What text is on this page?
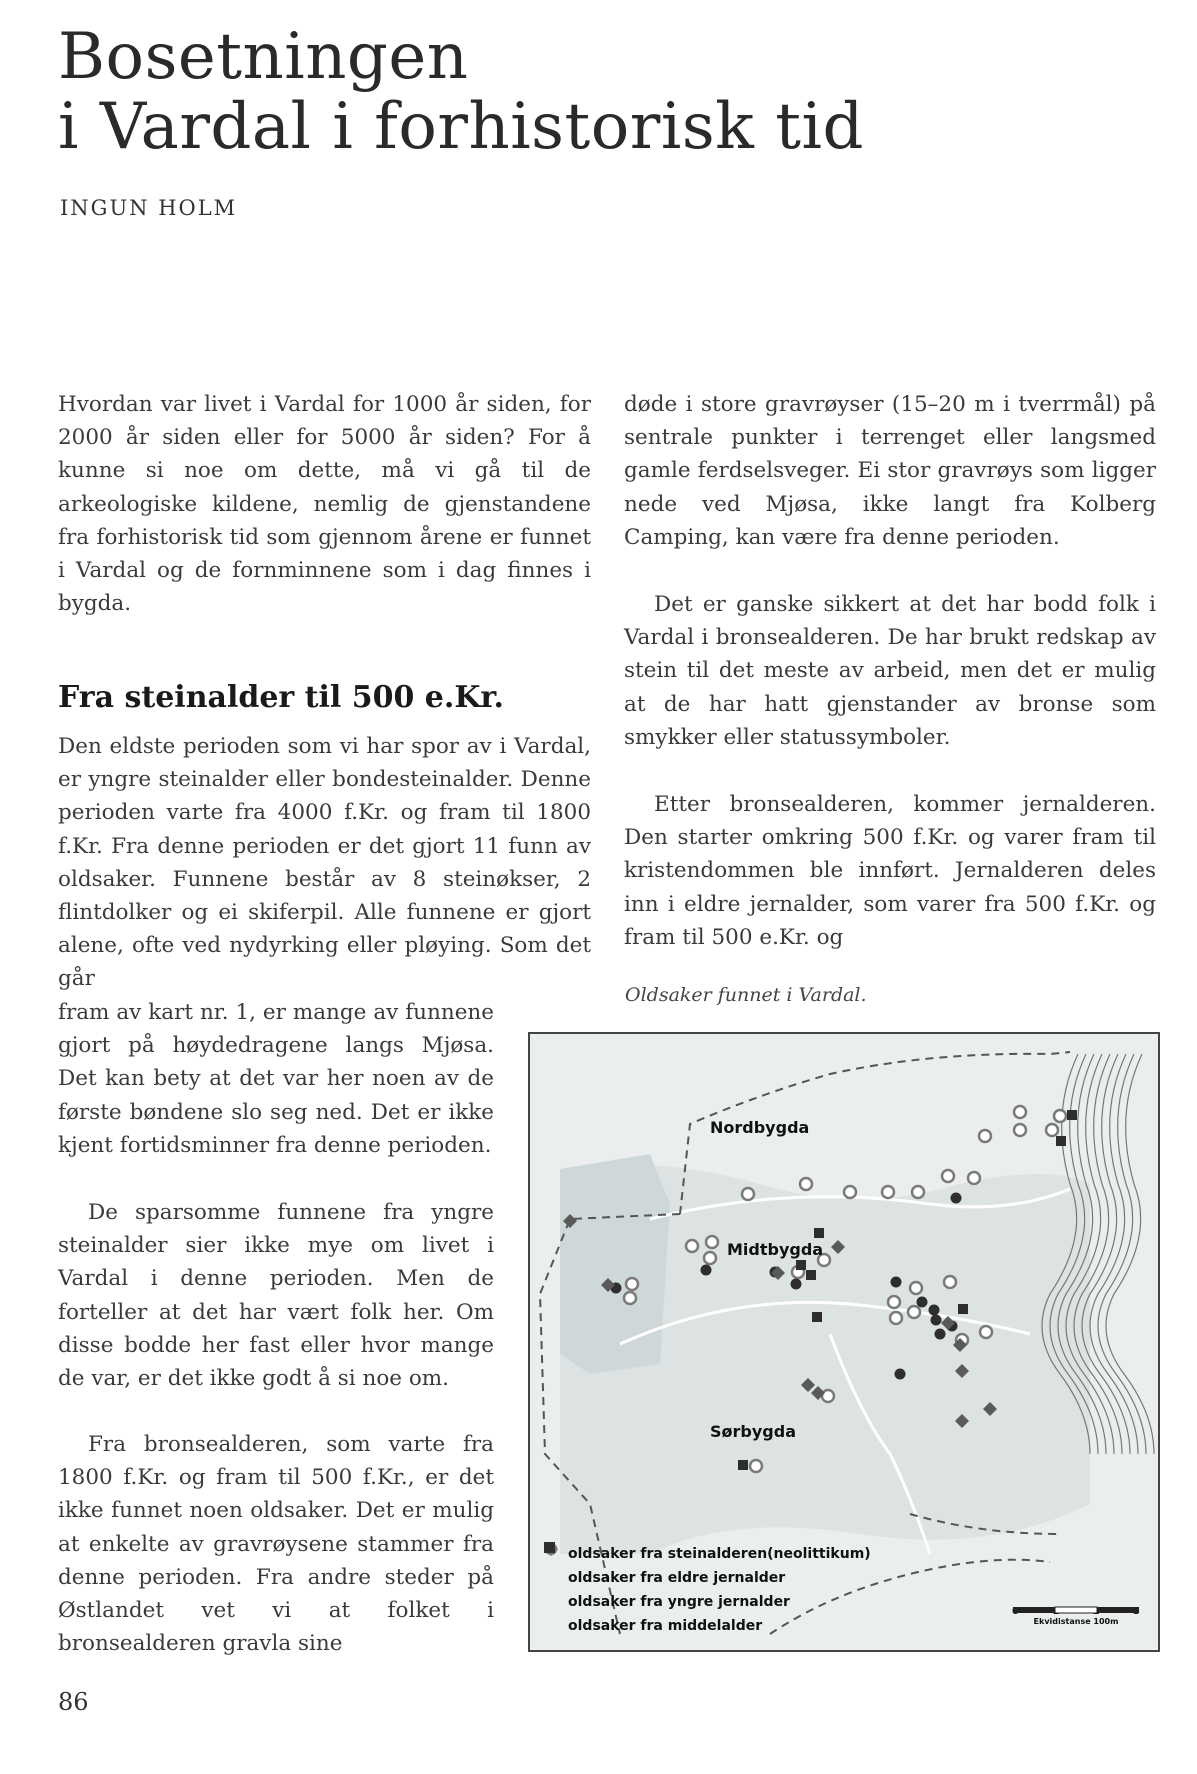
Bosetningen
i Vardal i forhistorisk tid
INGUN HOLM

Hvordan var livet i Vardal for 1000 år siden, for 2000 år siden eller for 5000 år siden? For å kunne si noe om dette, må vi gå til de arkeologiske kildene, nemlig de gjenstandene fra forhistorisk tid som gjennom årene er funnet i Vardal og de fornminnene som i dag finnes i bygda.

Fra steinalder til 500 e.Kr.

Den eldste perioden som vi har spor av i Vardal, er yngre steinalder eller bondesteinalder. Denne perioden varte fra 4000 f.Kr. og fram til 1800 f.Kr. Fra denne perioden er det gjort 11 funn av oldsaker. Funnene består av 8 steinøkser, 2 flintdolker og ei skiferpil. Alle funnene er gjort alene, ofte ved nydyrking eller pløying. Som det går

fram av kart nr. 1, er mange av funnene gjort på høydedragene langs Mjøsa. Det kan bety at det var her noen av de første bøndene slo seg ned. Det er ikke kjent fortidsminner fra denne perioden.

De sparsomme funnene fra yngre steinalder sier ikke mye om livet i Vardal i denne perioden. Men de forteller at det har vært folk her. Om disse bodde her fast eller hvor mange de var, er det ikke godt å si noe om.

Fra bronsealderen, som varte fra 1800 f.Kr. og fram til 500 f.Kr., er det ikke funnet noen oldsaker. Det er mulig at enkelte av gravrøysene stammer fra denne perioden. Fra andre steder på Østlandet vet vi at folket i bronsealderen gravla sine

døde i store gravrøyser (15–20 m i tverrmål) på sentrale punkter i terrenget eller langsmed gamle ferdselsveger. Ei stor gravrøys som ligger nede ved Mjøsa, ikke langt fra Kolberg Camping, kan være fra denne perioden.

Det er ganske sikkert at det har bodd folk i Vardal i bronsealderen. De har brukt redskap av stein til det meste av arbeid, men det er mulig at de har hatt gjenstander av bronse som smykker eller statussymboler.

Etter bronsealderen, kommer jernalderen. Den starter omkring 500 f.Kr. og varer fram til kristendommen ble innført. Jernalderen deles inn i eldre jernalder, som varer fra 500 f.Kr. og fram til 500 e.Kr. og

Oldsaker funnet i Vardal.
Nordbygda
Midtbygda
Sørbygda
oldsaker fra steinalderen(neolittikum)
oldsaker fra eldre jernalder
oldsaker fra yngre jernalder
oldsaker fra middelalder	Ekvidistanse 100m
86
